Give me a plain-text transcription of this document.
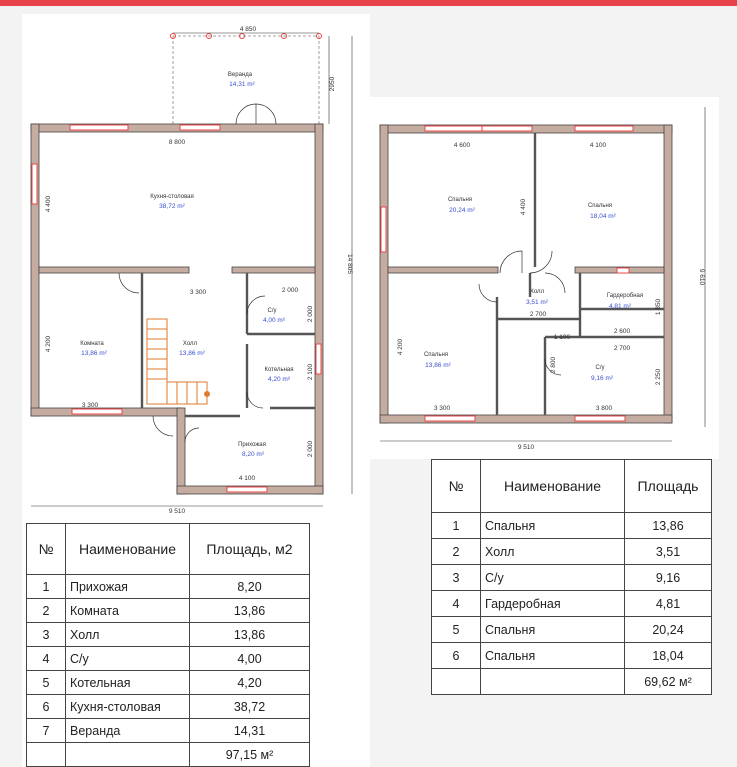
4 850
2950
8 800
14 805
4 400
3 300	2 000
4 200
2 000
2 100
3 300
2 000
4 100
9 510
Веранда
14,31 m²
Кухня-столовая
38,72 m²
Комната
13,86 m²
Холл
13,86 m²
С/у
4,00 m²
Котельная
4,20 m²
Прихожая
8,20 m²
4 600	4 100
4 400
9 610
2 700	1 850
4 200
1 100
2 600
2 700
2 800
2 250
3 300	3 800
9 510
Спальня
20,24 m²
Спальня
18,04 m²
Холл
3,51 m²
Гардеробная
4,81 m²
Спальня
13,86 m²	С/у
9,16 m²
№	Наименование	Площадь, м2
1	Прихожая	8,20
2	Комната	13,86
3	Холл	13,86
4	С/у	4,00
5	Котельная	4,20
6	Кухня-столовая	38,72
7	Веранда	14,31
		97,15 м²
№	Наименование	Площадь
1	Спальня	13,86
2	Холл	3,51
3	С/у	9,16
4	Гардеробная	4,81
5	Спальня	20,24
6	Спальня	18,04
		69,62 м²
